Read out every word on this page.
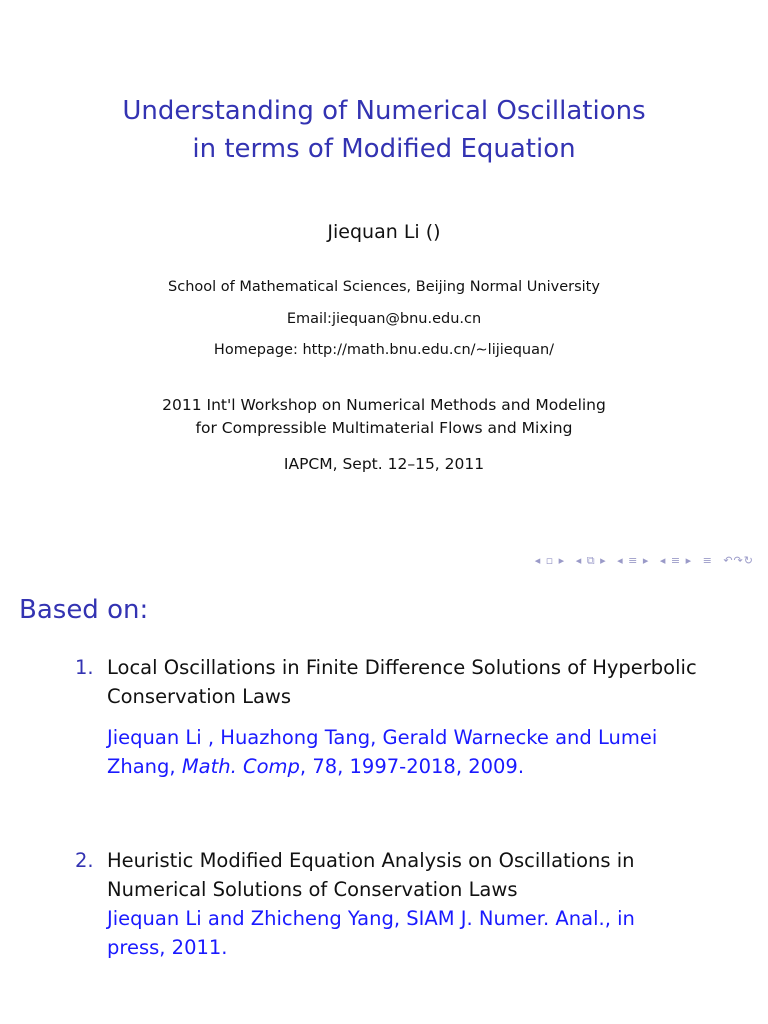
Understanding of Numerical Oscillations
in terms of Modified Equation
Jiequan Li ()
School of Mathematical Sciences, Beijing Normal University
Email:jiequan@bnu.edu.cn
Homepage: http://math.bnu.edu.cn/∼lijiequan/
2011 Int'l Workshop on Numerical Methods and Modeling
for Compressible Multimaterial Flows and Mixing
IAPCM, Sept. 12–15, 2011
◂ ▫ ▸ ◂ ⧉ ▸ ◂ ≡ ▸ ◂ ≡ ▸ ≡ ↶↷↻
Based on:
1. Local Oscillations in Finite Difference Solutions of Hyperbolic
Conservation Laws
Jiequan Li , Huazhong Tang, Gerald Warnecke and Lumei
Zhang, Math. Comp, 78, 1997-2018, 2009.
2. Heuristic Modified Equation Analysis on Oscillations in
Numerical Solutions of Conservation Laws
Jiequan Li and Zhicheng Yang, SIAM J. Numer. Anal., in
press, 2011.
